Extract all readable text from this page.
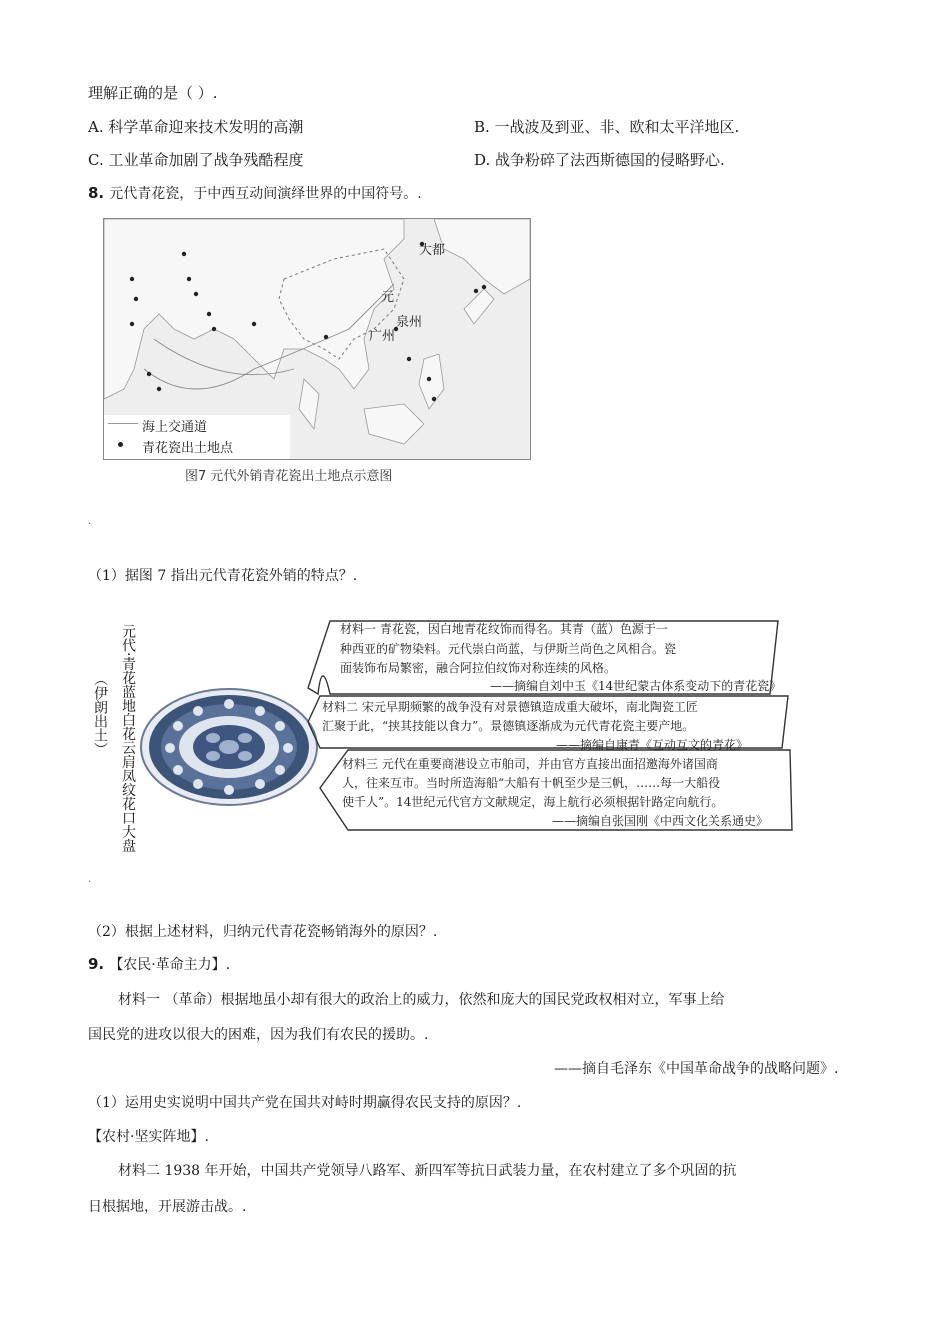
理解正确的是（ ）.
A. 科学革命迎来技术发明的高潮	B. 一战波及到亚、非、欧和太平洋地区.
C. 工业革命加剧了战争残酷程度	D. 战争粉碎了法西斯德国的侵略野心.
8. 元代青花瓷，于中西互动间演绎世界的中国符号。.
大都
元
泉州
广州
海上交通道
青花瓷出土地点
图7 元代外销青花瓷出土地点示意图
.
（1）据图 7 指出元代青花瓷外销的特点？.
元代·青花蓝地白花云肩凤纹花口大盘
（伊朗出土）
材料一 青花瓷，因白地青花纹饰而得名。其青（蓝）色源于一
种西亚的矿物染料。元代崇白尚蓝，与伊斯兰尚色之风相合。瓷
面装饰布局繁密，融合阿拉伯纹饰对称连续的风格。
——摘编自刘中玉《14世纪蒙古体系变动下的青花瓷》
材料二 宋元早期频繁的战争没有对景德镇造成重大破坏，南北陶瓷工匠
汇聚于此，“挟其技能以食力”。景德镇逐渐成为元代青花瓷主要产地。
——摘编自康青《互动互文的青花》
材料三 元代在重要商港设立市舶司，并由官方直接出面招邀海外诸国商
人，往来互市。当时所造海船“大船有十帆至少是三帆，……每一大船役
使千人”。14世纪元代官方文献规定，海上航行必须根据针路定向航行。
——摘编自张国刚《中西文化关系通史》
.
（2）根据上述材料，归纳元代青花瓷畅销海外的原因？.
9. 【农民·革命主力】.
材料一 （革命）根据地虽小却有很大的政治上的威力，依然和庞大的国民党政权相对立，军事上给
国民党的进攻以很大的困难，因为我们有农民的援助。.
——摘自毛泽东《中国革命战争的战略问题》.
（1）运用史实说明中国共产党在国共对峙时期赢得农民支持的原因？.
【农村·坚实阵地】.
材料二 1938 年开始，中国共产党领导八路军、新四军等抗日武装力量，在农村建立了多个巩固的抗
日根据地，开展游击战。.
